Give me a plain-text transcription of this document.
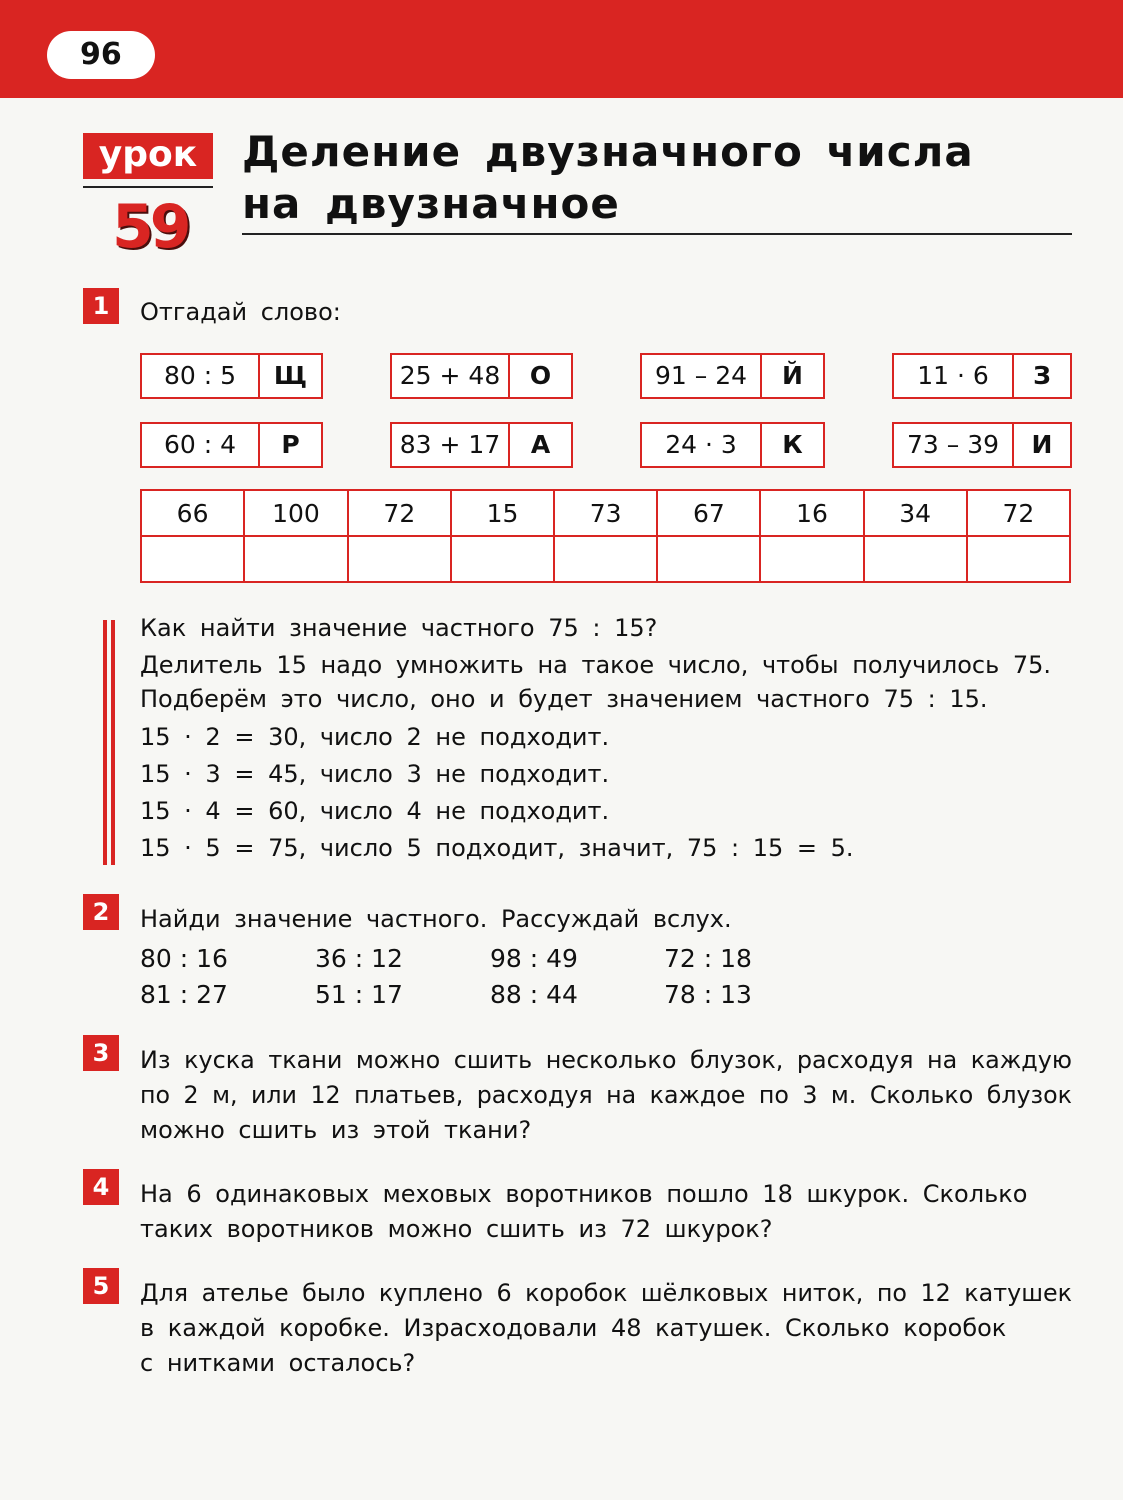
96
урок
59
Деление двузначного числа
на двузначное
1	Отгадай слово:
80 : 5	Щ	25 + 48	О	91 – 24	Й	11 · 6	З
60 : 4	Р	83 + 17	А	24 · 3	К	73 – 39	И
66	100	72	15	73	67	16	34	72

Как найти значение частного 75 : 15?
Делитель 15 надо умножить на такое число, чтобы получилось 75.
Подберём это число, оно и будет значением частного 75 : 15.
15 · 2 = 30, число 2 не подходит.
15 · 3 = 45, число 3 не подходит.
15 · 4 = 60, число 4 не подходит.
15 · 5 = 75, число 5 подходит, значит, 75 : 15 = 5.
2	Найди значение частного. Рассуждай вслух.
80 : 16	36 : 12	98 : 49	72 : 18
81 : 27	51 : 17	88 : 44	78 : 13
3	Из куска ткани можно сшить несколько блузок, расходуя на каждую
по 2 м, или 12 платьев, расходуя на каждое по 3 м. Сколько блузок
можно сшить из этой ткани?
4	На 6 одинаковых меховых воротников пошло 18 шкурок. Сколько
таких воротников можно сшить из 72 шкурок?
5	Для ателье было куплено 6 коробок шёлковых ниток, по 12 катушек
в каждой коробке. Израсходовали 48 катушек. Сколько коробок
с нитками осталось?
